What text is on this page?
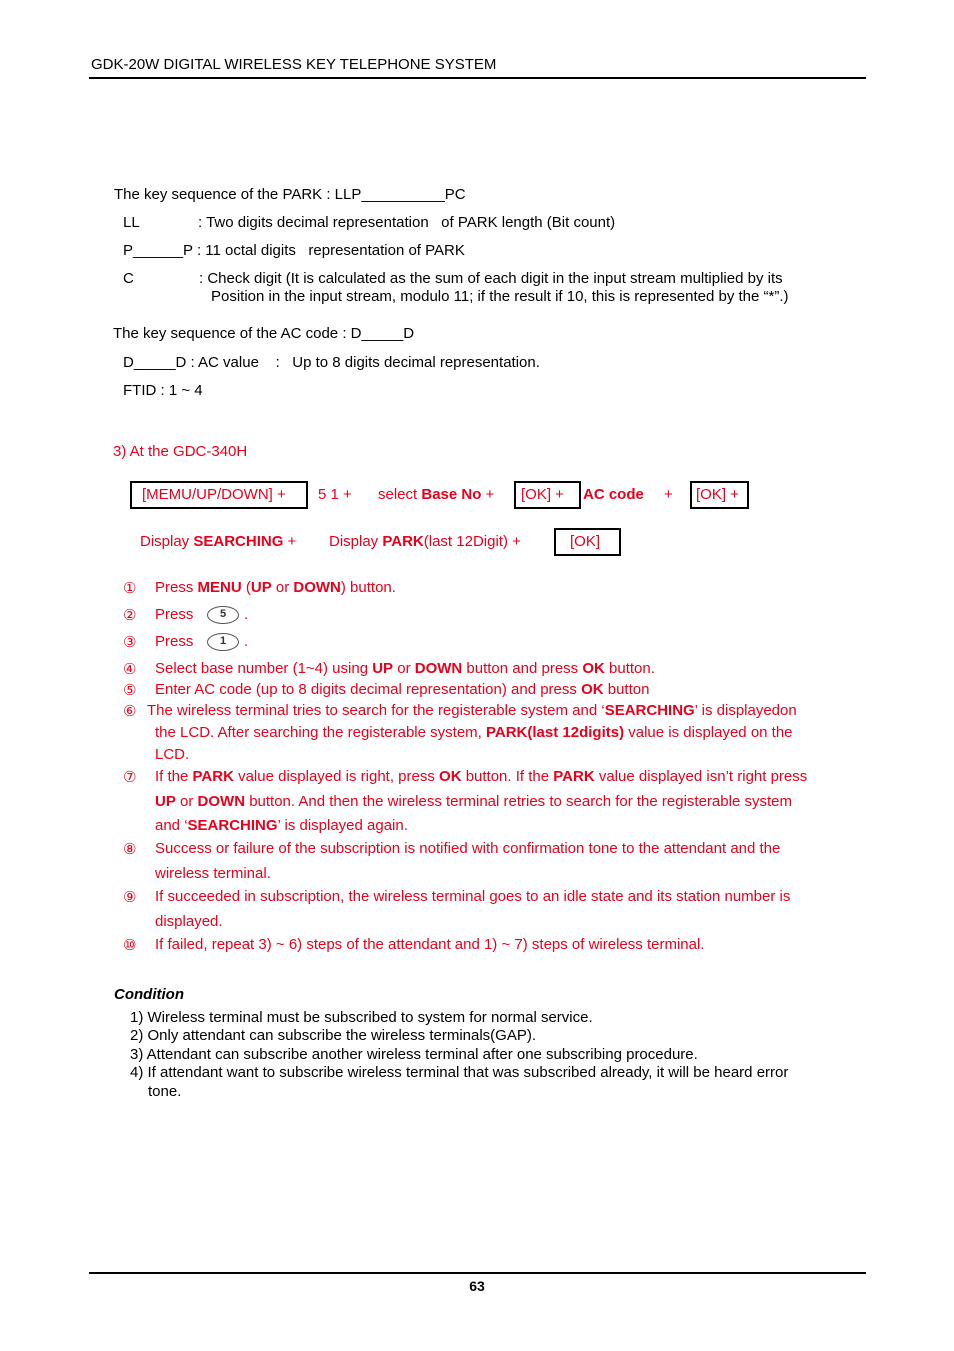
GDK-20W DIGITAL WIRELESS KEY TELEPHONE SYSTEM
The key sequence of the PARK : LLP__________PC
LL	: Two digits decimal representation   of PARK length (Bit count)
P______P : 11 octal digits   representation of PARK
C	: Check digit (It is calculated as the sum of each digit in the input stream multiplied by its
Position in the input stream, modulo 11; if the result if 10, this is represented by the “*”.)
The key sequence of the AC code : D_____D
D_____D : AC value    :   Up to 8 digits decimal representation.
FTID : 1 ~ 4
3) At the GDC-340H
[MEMU/UP/DOWN] + 5 1 + select Base No + [OK] + AC code + [OK] +
Display SEARCHING + Display PARK(last 12Digit) +	[OK]
①	Press MENU (UP or DOWN) button.
②	Press	5	.
③	Press	1	.
④	Select base number (1~4) using UP or DOWN button and press OK button.
⑤	Enter AC code (up to 8 digits decimal representation) and press OK button
⑥ The wireless terminal tries to search for the registerable system and ‘SEARCHING’ is displayedon
the LCD. After searching the registerable system, PARK(last 12digits) value is displayed on the
LCD.
⑦	If the PARK value displayed is right, press OK button. If the PARK value displayed isn’t right press
UP or DOWN button. And then the wireless terminal retries to search for the registerable system
and ‘SEARCHING’ is displayed again.
⑧	Success or failure of the subscription is notified with confirmation tone to the attendant and the
wireless terminal.
⑨	If succeeded in subscription, the wireless terminal goes to an idle state and its station number is
displayed.
⑩	If failed, repeat 3) ~ 6) steps of the attendant and 1) ~ 7) steps of wireless terminal.
Condition
1) Wireless terminal must be subscribed to system for normal service.
2) Only attendant can subscribe the wireless terminals(GAP).
3) Attendant can subscribe another wireless terminal after one subscribing procedure.
4) If attendant want to subscribe wireless terminal that was subscribed already, it will be heard error
tone.
63
